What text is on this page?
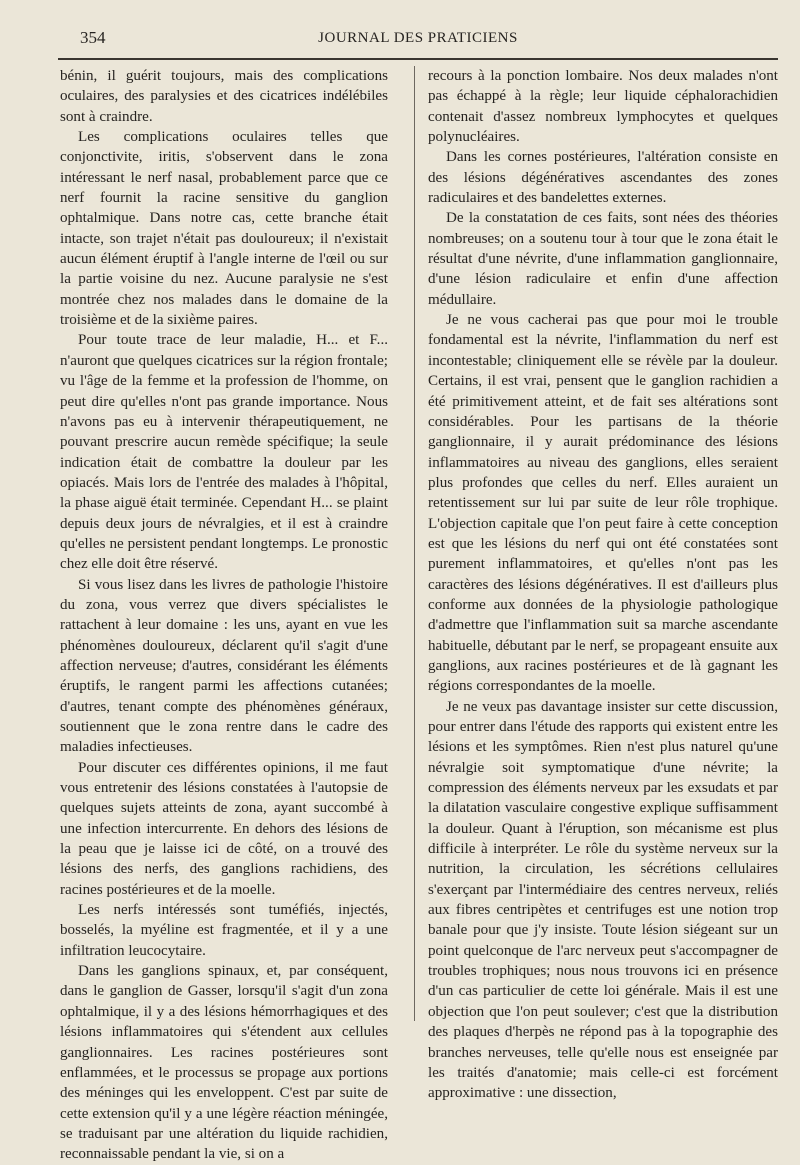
354	JOURNAL DES PRATICIENS

bénin, il guérit toujours, mais des complications oculaires, des paralysies et des cicatrices indélébiles sont à craindre.

Les complications oculaires telles que conjonctivite, iritis, s'observent dans le zona intéressant le nerf nasal, probablement parce que ce nerf fournit la racine sensitive du ganglion ophtalmique. Dans notre cas, cette branche était intacte, son trajet n'était pas douloureux; il n'existait aucun élément éruptif à l'angle interne de l'œil ou sur la partie voisine du nez. Aucune paralysie ne s'est montrée chez nos malades dans le domaine de la troisième et de la sixième paires.

Pour toute trace de leur maladie, H... et F... n'auront que quelques cicatrices sur la région frontale; vu l'âge de la femme et la profession de l'homme, on peut dire qu'elles n'ont pas grande importance. Nous n'avons pas eu à intervenir thérapeutiquement, ne pouvant prescrire aucun remède spécifique; la seule indication était de combattre la douleur par les opiacés. Mais lors de l'entrée des malades à l'hôpital, la phase aiguë était terminée. Cependant H... se plaint depuis deux jours de névralgies, et il est à craindre qu'elles ne persistent pendant longtemps. Le pronostic chez elle doit être réservé.

Si vous lisez dans les livres de pathologie l'histoire du zona, vous verrez que divers spécialistes le rattachent à leur domaine : les uns, ayant en vue les phénomènes douloureux, déclarent qu'il s'agit d'une affection nerveuse; d'autres, considérant les éléments éruptifs, le rangent parmi les affections cutanées; d'autres, tenant compte des phénomènes généraux, soutiennent que le zona rentre dans le cadre des maladies infectieuses.

Pour discuter ces différentes opinions, il me faut vous entretenir des lésions constatées à l'autopsie de quelques sujets atteints de zona, ayant succombé à une infection intercurrente. En dehors des lésions de la peau que je laisse ici de côté, on a trouvé des lésions des nerfs, des ganglions rachidiens, des racines postérieures et de la moelle.

Les nerfs intéressés sont tuméfiés, injectés, bosselés, la myéline est fragmentée, et il y a une infiltration leucocytaire.

Dans les ganglions spinaux, et, par conséquent, dans le ganglion de Gasser, lorsqu'il s'agit d'un zona ophtalmique, il y a des lésions hémorrhagiques et des lésions inflammatoires qui s'étendent aux cellules ganglionnaires. Les racines postérieures sont enflammées, et le processus se propage aux portions des méninges qui les enveloppent. C'est par suite de cette extension qu'il y a une légère réaction méningée, se traduisant par une altération du liquide rachidien, reconnaissable pendant la vie, si on a

recours à la ponction lombaire. Nos deux malades n'ont pas échappé à la règle; leur liquide céphalorachidien contenait d'assez nombreux lymphocytes et quelques polynucléaires.

Dans les cornes postérieures, l'altération consiste en des lésions dégénératives ascendantes des zones radiculaires et des bandelettes externes.

De la constatation de ces faits, sont nées des théories nombreuses; on a soutenu tour à tour que le zona était le résultat d'une névrite, d'une inflammation ganglionnaire, d'une lésion radiculaire et enfin d'une affection médullaire.

Je ne vous cacherai pas que pour moi le trouble fondamental est la névrite, l'inflammation du nerf est incontestable; cliniquement elle se révèle par la douleur. Certains, il est vrai, pensent que le ganglion rachidien a été primitivement atteint, et de fait ses altérations sont considérables. Pour les partisans de la théorie ganglionnaire, il y aurait prédominance des lésions inflammatoires au niveau des ganglions, elles seraient plus profondes que celles du nerf. Elles auraient un retentissement sur lui par suite de leur rôle trophique. L'objection capitale que l'on peut faire à cette conception est que les lésions du nerf qui ont été constatées sont purement inflammatoires, et qu'elles n'ont pas les caractères des lésions dégénératives. Il est d'ailleurs plus conforme aux données de la physiologie pathologique d'admettre que l'inflammation suit sa marche ascendante habituelle, débutant par le nerf, se propageant ensuite aux ganglions, aux racines postérieures et de là gagnant les régions correspondantes de la moelle.

Je ne veux pas davantage insister sur cette discussion, pour entrer dans l'étude des rapports qui existent entre les lésions et les symptômes. Rien n'est plus naturel qu'une névralgie soit symptomatique d'une névrite; la compression des éléments nerveux par les exsudats et par la dilatation vasculaire congestive explique suffisamment la douleur. Quant à l'éruption, son mécanisme est plus difficile à interpréter. Le rôle du système nerveux sur la nutrition, la circulation, les sécrétions cellulaires s'exerçant par l'intermédiaire des centres nerveux, reliés aux fibres centripètes et centrifuges est une notion trop banale pour que j'y insiste. Toute lésion siégeant sur un point quelconque de l'arc nerveux peut s'accompagner de troubles trophiques; nous nous trouvons ici en présence d'un cas particulier de cette loi générale. Mais il est une objection que l'on peut soulever; c'est que la distribution des plaques d'herpès ne répond pas à la topographie des branches nerveuses, telle qu'elle nous est enseignée par les traités d'anatomie; mais celle-ci est forcément approximative : une dissection,
